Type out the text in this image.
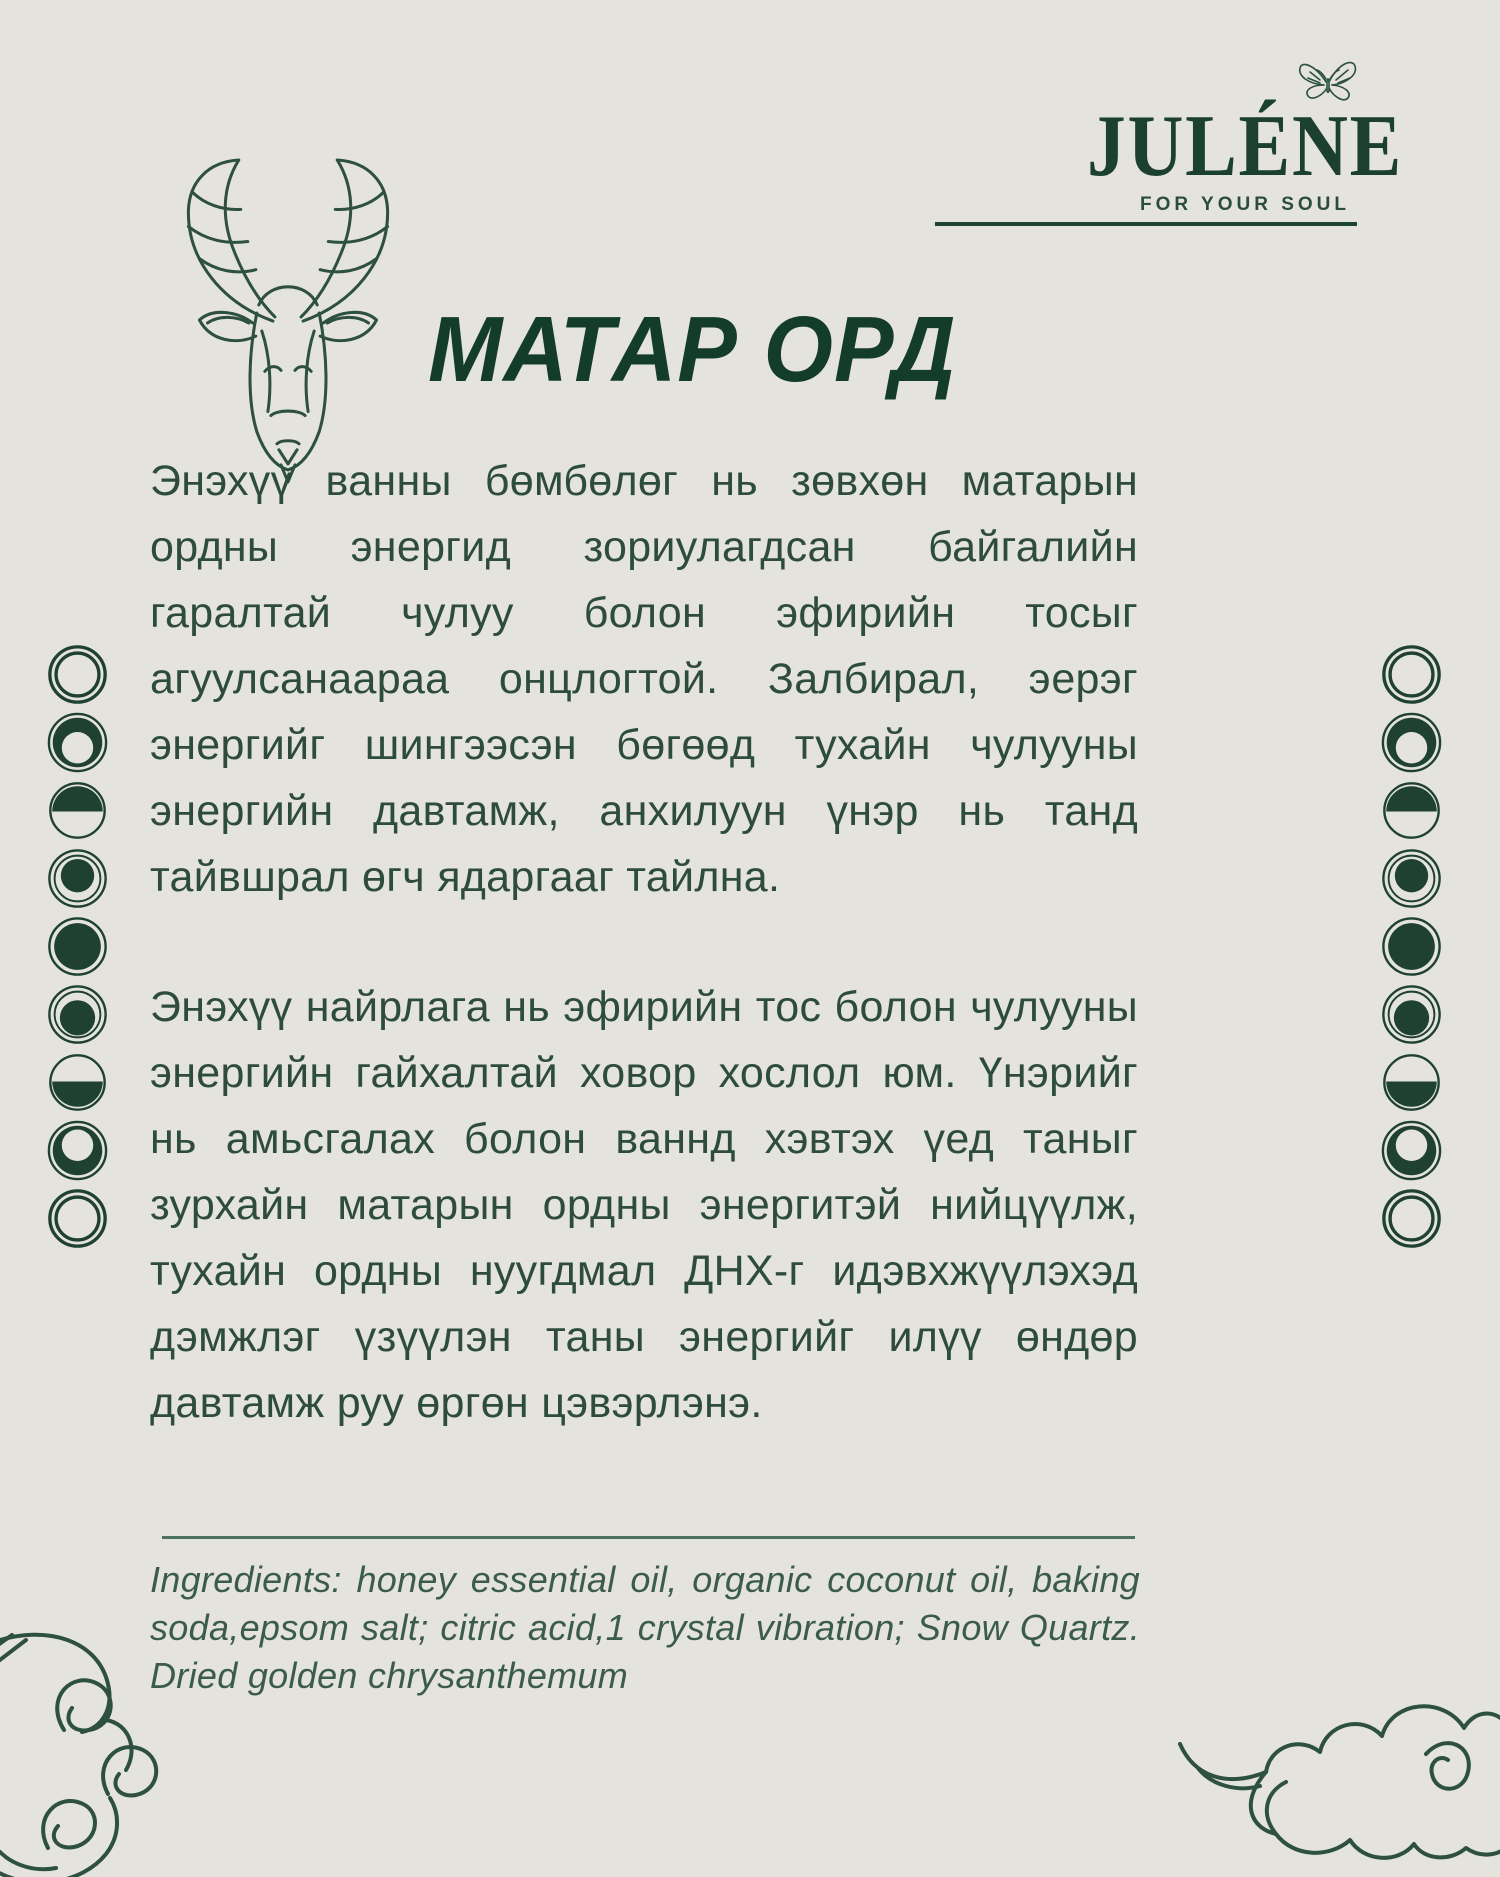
JULÉNE
FOR YOUR SOUL
МАТАР ОРД

Энэхүү ванны бөмбөлөг нь зөвхөн матарын ордны энергид зориулагдсан байгалийн гаралтай чулуу болон эфирийн тосыг агуулсанаараа онцлогтой. Залбирал, эерэг энергийг шингээсэн бөгөөд тухайн чулууны энергийн давтамж, анхилуун үнэр нь танд тайвшрал өгч ядаргааг тайлна.

Энэхүү найрлага нь эфирийн тос болон чулууны энергийн гайхалтай ховор хослол юм. Үнэрийг нь амьсгалах болон ваннд хэвтэх үед таныг зурхайн матарын ордны энергитэй нийцүүлж, тухайн ордны нуугдмал ДНХ-г идэвхжүүлэхэд дэмжлэг үзүүлэн таны энергийг илүү өндөр давтамж руу өргөн цэвэрлэнэ.

Ingredients: honey essential oil, organic coconut oil, baking soda,epsom salt; citric acid,1 crystal vibration; Snow Quartz. Dried golden chrysanthemum
